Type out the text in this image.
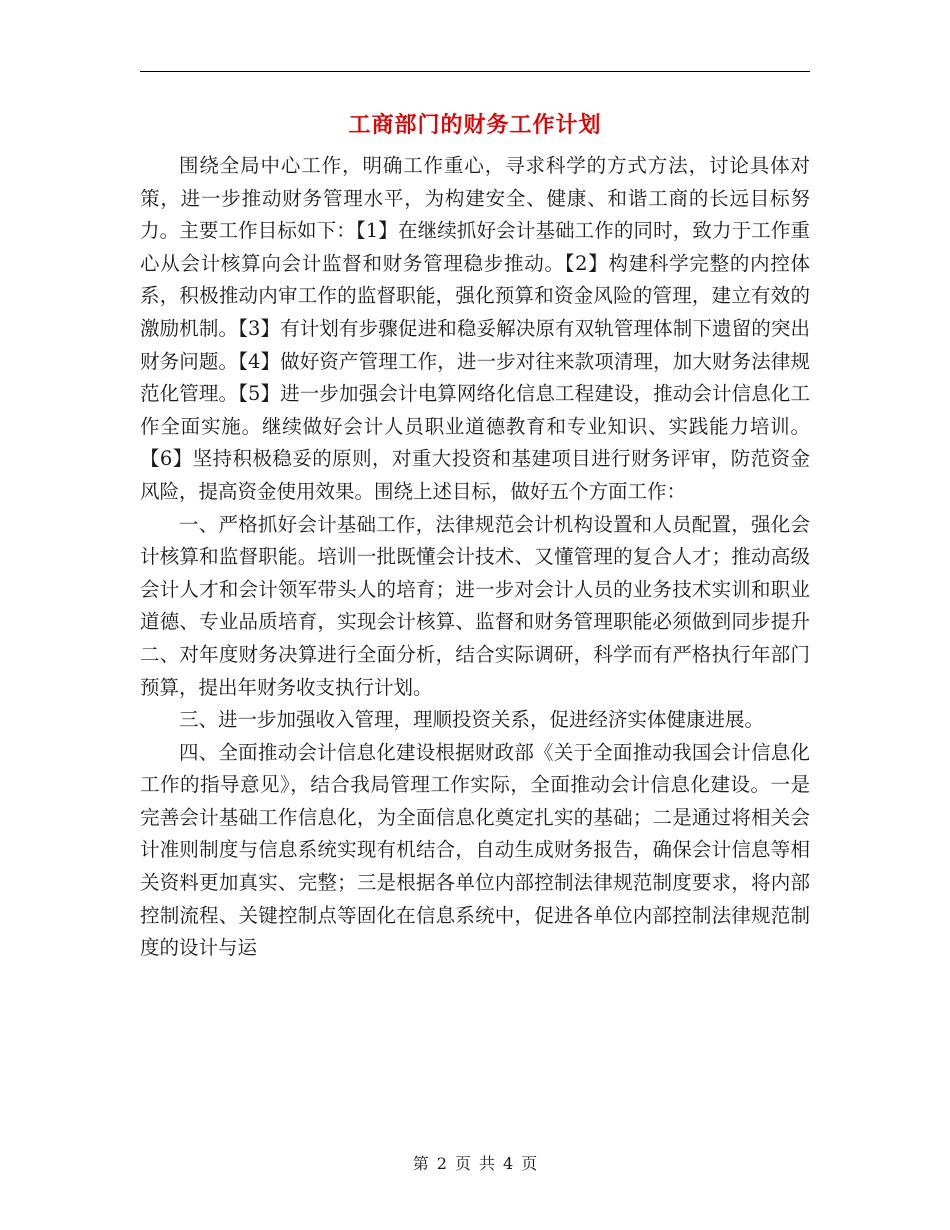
工商部门的财务工作计划

围绕全局中心工作，明确工作重心，寻求科学的方式方法，讨论具体对策，进一步推动财务管理水平，为构建安全、健康、和谐工商的长远目标努力。主要工作目标如下：【1】在继续抓好会计基础工作的同时，致力于工作重心从会计核算向会计监督和财务管理稳步推动。【2】构建科学完整的内控体系，积极推动内审工作的监督职能，强化预算和资金风险的管理，建立有效的激励机制。【3】有计划有步骤促进和稳妥解决原有双轨管理体制下遗留的突出财务问题。【4】做好资产管理工作，进一步对往来款项清理，加大财务法律规范化管理。【5】进一步加强会计电算网络化信息工程建设，推动会计信息化工作全面实施。继续做好会计人员职业道德教育和专业知识、实践能力培训。【6】坚持积极稳妥的原则，对重大投资和基建项目进行财务评审，防范资金风险，提高资金使用效果。围绕上述目标，做好五个方面工作：

一、严格抓好会计基础工作，法律规范会计机构设置和人员配置，强化会计核算和监督职能。培训一批既懂会计技术、又懂管理的复合人才；推动高级会计人才和会计领军带头人的培育；进一步对会计人员的业务技术实训和职业道德、专业品质培育，实现会计核算、监督和财务管理职能必须做到同步提升二、对年度财务决算进行全面分析，结合实际调研，科学而有严格执行年部门预算，提出年财务收支执行计划。

三、进一步加强收入管理，理顺投资关系，促进经济实体健康进展。

四、全面推动会计信息化建设根据财政部《关于全面推动我国会计信息化工作的指导意见》，结合我局管理工作实际，全面推动会计信息化建设。一是完善会计基础工作信息化，为全面信息化奠定扎实的基础；二是通过将相关会计准则制度与信息系统实现有机结合，自动生成财务报告，确保会计信息等相关资料更加真实、完整；三是根据各单位内部控制法律规范制度要求，将内部控制流程、关键控制点等固化在信息系统中，促进各单位内部控制法律规范制度的设计与运

第 2 页 共 4 页
